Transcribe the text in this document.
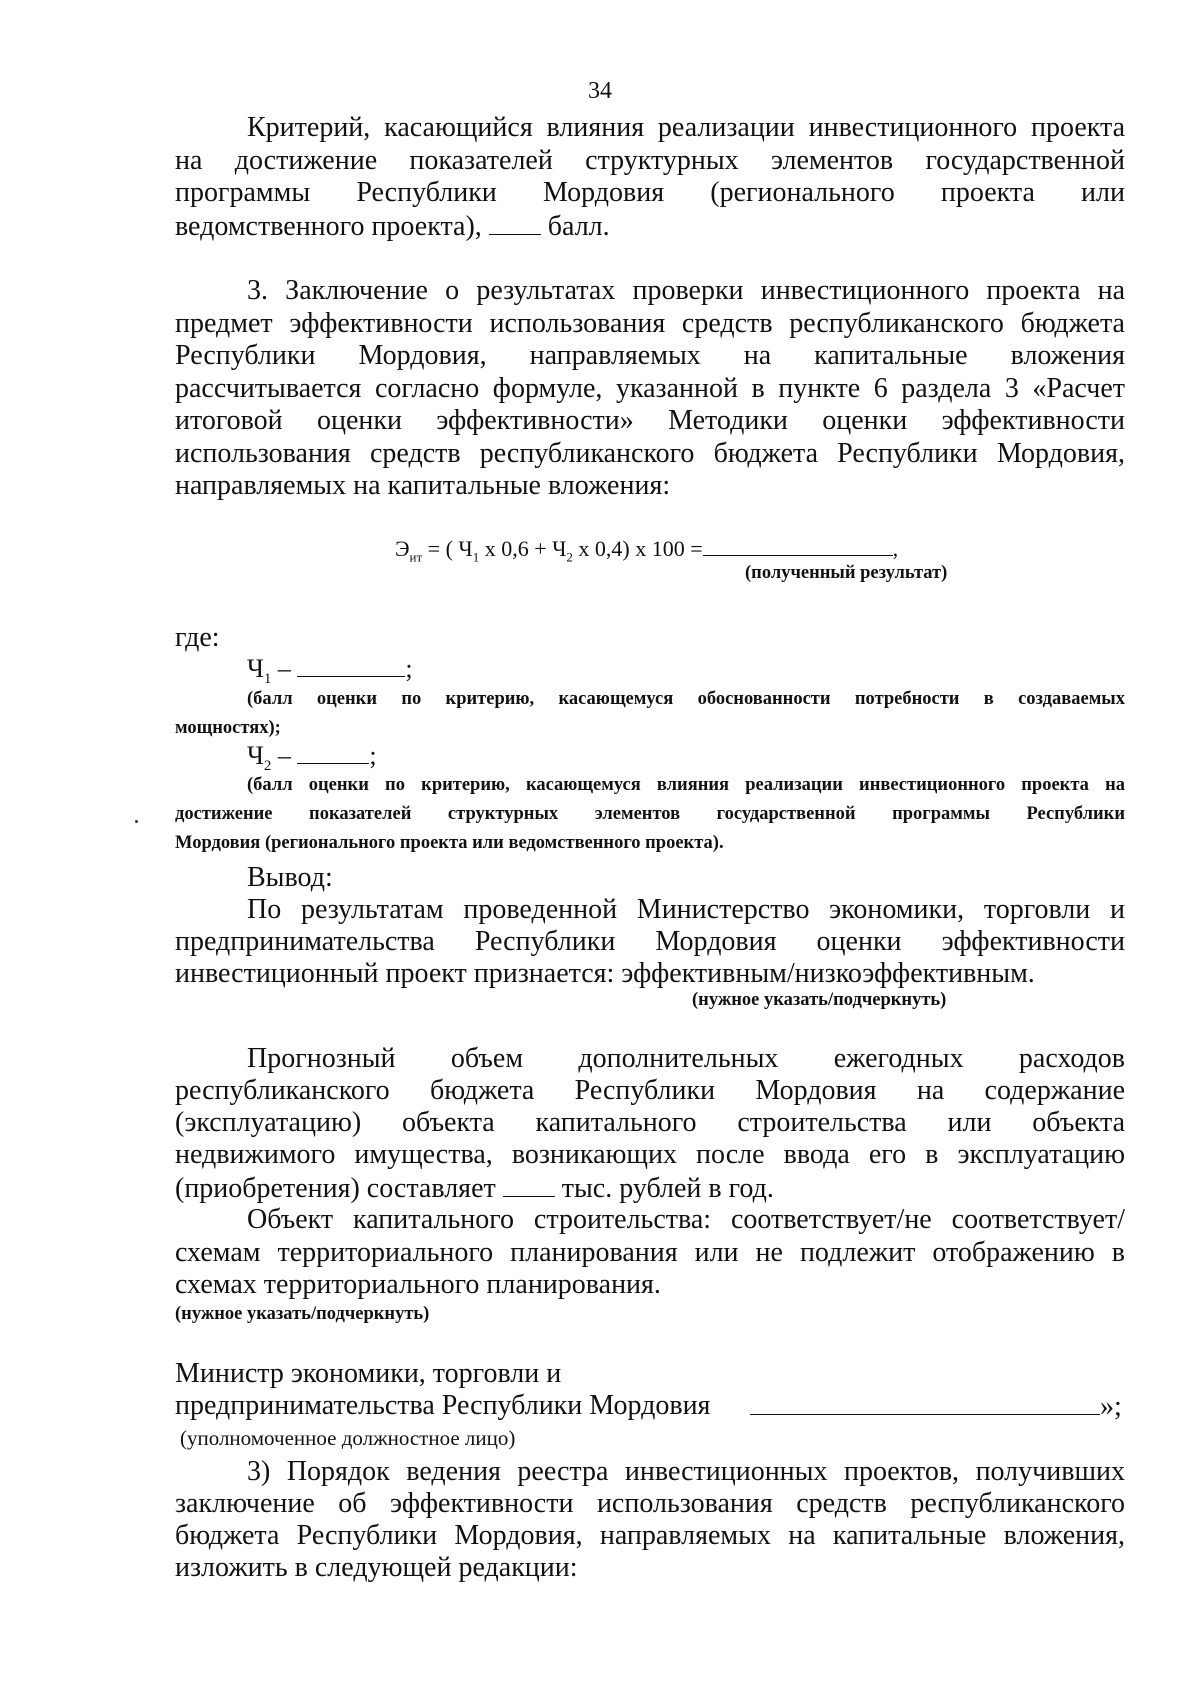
34
Критерий, касающийся влияния реализации инвестиционного проекта
на достижение показателей структурных элементов государственной
программы Республики Мордовия (регионального проекта или
ведомственного проекта), балл.
3. Заключение о результатах проверки инвестиционного проекта на
предмет эффективности использования средств республиканского бюджета
Республики Мордовия, направляемых на капитальные вложения
рассчитывается согласно формуле, указанной в пункте 6 раздела 3 «Расчет
итоговой оценки эффективности» Методики оценки эффективности
использования средств республиканского бюджета Республики Мордовия,
направляемых на капитальные вложения:
$Э_{ит}$ = ( $Ч_1$ х $0,6 + Ч_2$ х 0,4) х 100 =	,
(полученный результат)
где:
$Ч_1$ –	;
(балл оценки по критерию, касающемуся обоснованности потребности в создаваемых
мощностях);
$Ч_2$ –	;
(балл оценки по критерию, касающемуся влияния реализации инвестиционного проекта на
достижение показателей структурных элементов государственной программы Республики
Мордовия (регионального проекта или ведомственного проекта).
Вывод:
По результатам проведенной Министерство экономики, торговли и
предпринимательства Республики Мордовия оценки эффективности
инвестиционный проект признается: эффективным/низкоэффективным.
(нужное указать/подчеркнуть)
Прогнозный объем дополнительных ежегодных расходов
республиканского бюджета Республики Мордовия на содержание
(эксплуатацию) объекта капитального строительства или объекта
недвижимого имущества, возникающих после ввода его в эксплуатацию
(приобретения) составляет тыс. рублей в год.
Объект капитального строительства: соответствует/не соответствует/
схемам территориального планирования или не подлежит отображению в
схемах территориального планирования.
(нужное указать/подчеркнуть)
Министр экономики, торговли и
предпринимательства Республики Мордовия	»;
(уполномоченное должностное лицо)
3) Порядок ведения реестра инвестиционных проектов, получивших
заключение об эффективности использования средств республиканского
бюджета Республики Мордовия, направляемых на капитальные вложения,
изложить в следующей редакции:
